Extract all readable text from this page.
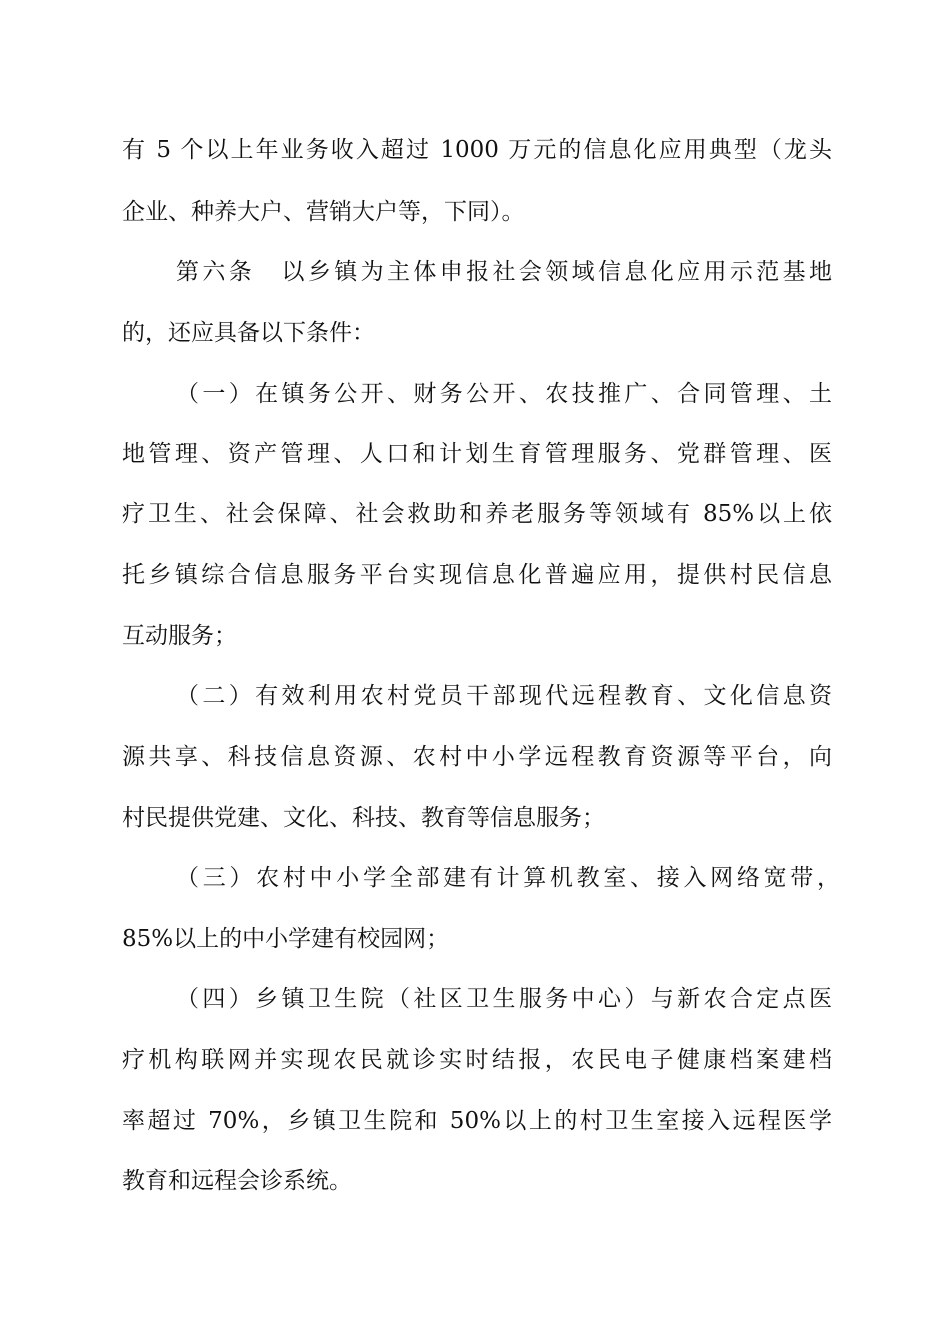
有 5 个以上年业务收入超过 1000 万元的信息化应用典型（龙头
企业、种养大户、营销大户等，下同）。
第六条　以乡镇为主体申报社会领域信息化应用示范基地
的，还应具备以下条件：
（一）在镇务公开、财务公开、农技推广、合同管理、土
地管理、资产管理、人口和计划生育管理服务、党群管理、医
疗卫生、社会保障、社会救助和养老服务等领域有 85%以上依
托乡镇综合信息服务平台实现信息化普遍应用，提供村民信息
互动服务；
（二）有效利用农村党员干部现代远程教育、文化信息资
源共享、科技信息资源、农村中小学远程教育资源等平台，向
村民提供党建、文化、科技、教育等信息服务；
（三）农村中小学全部建有计算机教室、接入网络宽带，
85%以上的中小学建有校园网；
（四）乡镇卫生院（社区卫生服务中心）与新农合定点医
疗机构联网并实现农民就诊实时结报，农民电子健康档案建档
率超过 70%，乡镇卫生院和 50%以上的村卫生室接入远程医学
教育和远程会诊系统。
